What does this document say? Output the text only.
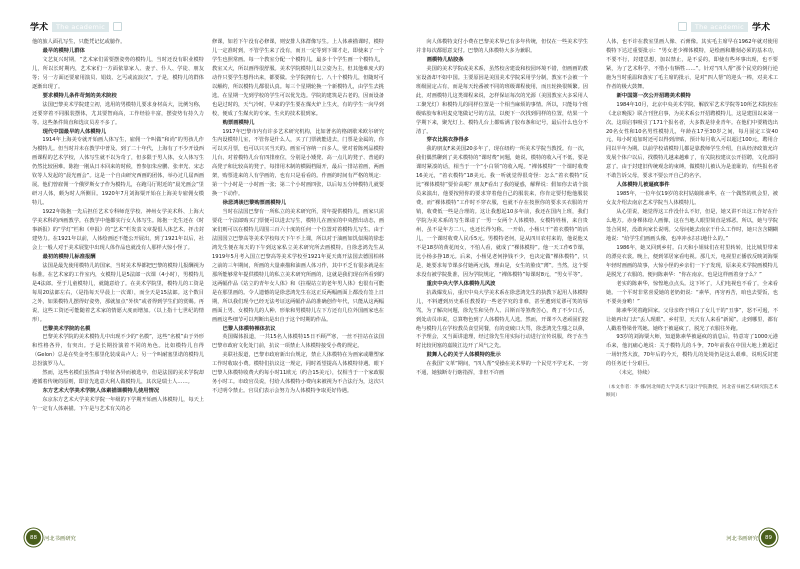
学术	The academic

他的旅人面孔写生，只能凭记忆或臆作。

最早的模特儿群体

文艺复兴时期，“艺术家们需要摆姿势的模特儿，当时还没有职业模特儿，所以长时期内，艺术家们一方面依靠家人、妻子、仆人、学徒、朋友等；另一方面还要雇用演员、娼妓、乞丐或流浪汉”。于是，模特儿的群体逐渐出现了。

要求模特儿条件苛刻的美术院校

法国巴黎美术学院建立初，选用的男模特儿要求身材高大，比例匀称，还要穿着不同服装摆体，尤其要智商高，工作经验丰富，摆姿势有持久力等。这些条件简直和选议员差不多了。

现代中国最早的人体模特儿

1914年上海美专就开始画人体写生，雇佣一个叫做“和尚”的男孩儿作为模特儿。但当时并未在教学中普及。到了二十年代，上海有了不少开设西画课程的艺术学校，人体写生就不以为奇了，但多限于男人体，女人体写生仍然比较困难。陈抱一刚从日本回来的时候，曾参加朱应鹏、张聿光、宋志钦等人发起的“晨光画会”。这是一个自由研究西画的团体，举办过几届西画展。他们曾雇佣一个俄罗斯女子作为模特儿，在跑马厅附近的“晨光画会”里研习人体，颇为时人所侧目。1920年7月刘海粟开始在上海美专雇佣女模特儿。

1922年陈抱一先后担任艺术专科师范学校、神州女学美术科、上海大学美术科的西画教学。在教学中他都实行女人体写生。陈抱一先生还在《时事新报》的“学灯”栏和《申报》的“艺术”栏发表文章提倡人体艺术，抨击封建势力。在1921年以前，人体绘画还不能公开展出，到了1921年以后，社会上一般人对于美术展览中出现人体作品也就没有人那样大惊小怪了。

最初的模特儿标准报酬

法国是最先使用模特儿的国家，当时美术界都把巴黎的模特儿报酬视为标准。在艺术家的工作室内，女模特儿是5法郎一次课（4小时），男模特儿是4法郎。至于儿童模特儿，就随意给了。在美术学院里，模特儿的工资是每周20法郎左右，（是指每天早晨上一次课），而全天是15法郎。这个数目之外，如果模特儿摆得好姿势，那就加点“外快”或者得到学生们的赏赐。再说，这些工资还可能随着艺术家的情愿大度而增加。（以上指十七世纪的情形）。

巴黎美术学院的名模

巴黎美术学院的美术模特儿中出现不少的“名模”，这些“名模”由于外形和性格各异，有突出。于是长期扮演着不同的角色。比如模特儿自得（Gelon）总是在奖金考生那里化装成高卢人；另一个叫耐塞里诺的模特儿总扮演罗马人。

然而，这些名模们虽然由于特征各异而被选中，但是法国的美术学院却遵循着传统的原则，即首先选意大利人做模特儿，其次是瑞士人……。

东方艺术大学美术学院人体素描课模特儿使用情况

东京东方艺术大学美术学院一年级的下学期开始画人体模特儿，每天上午一定有人体素描。下午是与艺术有关的必

修课，如若下午没有必修课，则安排人体群像写生。上人体素描课时，模特儿一定准时到，不管学生来了没有，而且一定等到下课才走，即使来了一个学生也照常画。每一个教室分配一个模特儿，最多十个学生画一个模特儿，教室又大，所以画得很舒服。美术学院模特儿以立姿为主，但其他难度大的动作只要学生想得出来，都要做。全学院拥有七、八十个模特儿，但随时可以解约，所以模特儿都很认真。每三个星期轮换一个新模特儿，由学生去挑选。在星期一先到学校的学生可以优先选。学院的建筑是古老的，因而设备也是过时的，天气冷时，早来的学生要在煤火炉上生火，有的学生一向早到校，便成了生煤火的专家，生火的技术很到家。

购票画模特儿

1917年巴黎市内有许多艺术研究机构，比如著名的格朗歇米欧尔研究生内设模特儿室，不管你是什么人，买了门票就能进去，门票是金属的，你可以买月票，也可以只买当天的。画室可容纳一百多人，壁对着陈列品模特儿台，对着模特儿台有四排座位，分别是小矮凳、高一点儿的凳子、普通的高凳子和比较高的凳子，每排用木制的横隔档隔开，最后一排站着画，两画架，购票进来的人有学画的，也有只是看看的。作画的时间有严格的规定：第一个小时是一小时画一张；第二个小时画四张，以后每五分钟模特儿就要换一下动作。

徐悲鸿谈巴黎购票画模特儿

当时在法国巴黎有一所私立的美术研究所，常年提供模特儿，画家只需要花一个法郎购买门票便可以进去写生，模特儿在画室的中央摆出动态，画家们则可以在模特儿周围三百六十度的任何一个位置对着模特儿写生。由于法国国立巴黎高等美术学校每天下午不上课，所以对于油画如饥似渴的徐悲鸿先生便在每天的下午到这家私立美术研究所去画模特。自徐悲鸿先生从1919年5月考入国立巴黎高等美术学校至1921年夏天离开法国去德国柏林之前的三年期间，所画的大量素描和油画人体习作，其中不乏有很多就是在那所能够常年提供模特儿的私立美术研究所画的，这就是我们现在所看到的这两幅作品《站立的青年女人体》和《拄棍站立的老年男人体》也很有可能是在那里画的。令人遗憾的是徐悲鸿先生在这正反两幅画面上都没有签上日期，所以我们现今已经无法考证这两幅作品的准确创作年代，只能从这两幅画面上男、女模特儿的人种、形象和男模特儿左下方还有几位外国画家也在画画这些细节可以判断出是出自于这个时期的作品。

巴黎人体模特裸体抗议

英国媒体报道，一共15名人体模特15日不顾严寒，一丝不挂站在法国巴黎市政府文化处门前，抗议一项禁止人体模特接受小费的规定。

美联社报道，巴黎市政府新出台规定，禁止人体模特在为画家或雕塑家工作时收取小费。模特们抗议这一规定，同时希望提高人体模特待遇。眼下巴黎人体模特收费大约每小时11欧元（约合15美元），仅相当于一个家政服务小时工。市政官员说，付给人体模特小费向来被视为不合法行为，这次只不过明令禁止。官员们表示会努力为人体模特争取更好待遇。

88	河北书画研究
学术
The academic
89
河北书画研究

向人体模特支付小费在巴黎美术界已有多年传统，但仅在一些美术学生并非每次都愿意支付。巴黎的人体模特大多为兼职。

画模特儿贴胶条

美国的美术学院或美术系，虽然校舍建设和校园环境不错，但画画的教室设备却不如中国。主要原因是美国美术学院采用学分制，教室不会被一个班级固定占有，而是每天轮番被不同的班级课程使用，而且轮换很频繁。因此，对画模特儿这类课程来说，怎样保证每次的光源（美国教室大多采用人工聚光灯）和模特儿的同样位置是一个相当麻烦的事情。所以，只能每个班级贴胶布和用麦克笔做记号的方法，以便下一次找到同样的位置，结果一个学期下来，聚光灯上、模特儿台上都贴满了胶布条和记号，最后什么也分不清了。

穿衣比脱衣挣得多

我的朋友F来美国20多年了，现在纽约一所美术学院当教授。有一次，我们偶然聊到了美术模特的“课时费”问题，她说，模特的收入可不低，要是课时紧凑的话，相当于一个“小白领”的收入呢。“裸体模特”一个课时收费16美元，“着衣模特”18美元。我一听就觉得很奇怪：怎么“着衣模特”反比“裸体模特”要价高呢？朋友F看出了我的疑惑，解释说：假如你去请个演员来演出，他要按照你的要求穿着他自己的服装来，你肯定要付他他服装费。而“裸体模特”工作时不穿衣服，也就不存在按照你的要求买衣服的开销，收费低一些是合理的。这让我想起10多年前，我还在国内上班，我们学院为美术系的写生课请了一男一女两个人体模特。女模特姓杨，来自贵州，虽不是年方二八，也还长得匀称。一开始，小杨只干“着衣模特”的活儿，一个课时收费人民币5元。男模特老何，是从四川农村来的，他说他又不是18岁的黄花闺女，不怕人看，就成了“裸体模特”。他一天工作6节课，比小杨多挣18元。后来，小杨见老何挣钱不少，也决定做“裸体模特”，只是，她要求每节课多付她两元钱，理由是，女生的脸皮“薄”。当然，这个要求没有被学院批准，因为学院规定，“裸体模特”每课时8元，“男女平等”。

重庆中央大学人体模特儿风波

抗战爆发后，重庆中央大学美术系在徐悲鸿先生的执教下起用人体模特儿，不料遭到历史系任教授的一些老学究的非难，甚至遭到荒谬可笑的辱骂。为了解决问题，徐先生和吴作人、吕斯百等煞费苦心，费了不少口舌，到处动员串说，总算物色到了人体模特儿人选。然而，开课不久老顽固们挖绝与模特儿在学校教员食堂同餐，有的竟破口大骂，徐悲鸿先生嗤之以鼻，不予理会，又当面讲道理，经过徐先生用实际行动进行宣传说服，终于在当时比较闭塞的嘉陵江边开了风气之先。

鼓舞人心的关于人体模特的批示

在我国“文革”期间，“四人帮”受操在美术界的一个民党不学无术、一窍不通，她独断专行瞎指挥，非但不许画

人体，也不许在教室里画人像、石膏像。其实毛主席早在1962年就对使用模特下达过重要批示：“男女老少裸体模特，是绘画和雕刻必须的基本功，不要不行，封建思想，加以禁止，是不妥的，即使有些坏事出现，也不要紧，为了艺术科学，不惜小有牺牲……”。针对“四人帮”那个民党的倒行逆施为当时重温和落实了毛主席的批示，是对“四人帮”的迎头一棒，对美术工作者的极大鼓舞。

新中国第一次公开招聘美术模特

1984年10月，北京中央美术学院、解放军艺术学院等10所艺术院校在《北京晚报》联合刊登启事，为美术系公开招聘模特儿，这是建国以来第一次。这项启事吸引了171个报名者，大多数是待业青年。在他们中要精选出20名女性和10名男性模特儿，年龄在17至30岁之间，每月固定工资40元，每小时追加时还可以得到津贴，预计每月收入可以超过100元，聘用合同以半年为期。以前学校请模特儿都是靠教师学生介绍，自从经济政策允许发展个体户以后，找模特儿越来越难了，有关院校建议公开招聘，文化部同意了。由于封建旧传统观念的束缚，做模特儿被认为是羞耻的，有些报名者不敢告诉父母，要求不要公开自己的名字。

人体模特儿被逼疯事件

1985年，一位年仅19岁的农村姑娘陈素华，在一个偶然的机会里，被女友介绍去南京艺术学院当人体模特儿。

从心里说，她觉得这工作没什么不好，但是，她又讲不出这工作好在什么地方。赤身裸体给人画像，这在当地人眼里简直是邪恶。所以，她与学院签合同时，没敢向家长说明。父母问她去南京干什么工作时，她只含含糊糊地说：“给学生们画画头像，也冲冲水扫扫地什么的。”

1986年，她又回到乡村。白天和小姐妹们在村里转转，比比城里带来的漂亮衣裳。晚上，便到邻居家看电视。那几天，电视里正播放反映刘海粟年轻时画画的故事，大惊小怪的乡亲们一下子发现，原来美术学院画模特儿是脱光了衣服的。便问陈素华：“你在南京，也是这样画着身子么？”

老实的陈素华，惊惶地点点头。这下坏了，人们电视也不看了，全来看她。一个平时非常喜爱她的老奶奶说：“素华，再穷再苦，咱也去要饭，也不要卖身哟！”

陈素华哭着跑回家。父母亲终于明白了女儿干的“丑事”，怒不可遏，不让她再出门去“丢人现眼”。乡村里，天天有人来看“新闻”。走到哪里，都有人戳着脊梁骨骂她。她终于被逼疯了，脱光了衣服往外跑。

93岁的刘海粟大师，知道陈素华被逼疯的消息后，特意寄了1000元港币来，他沉痛心地说：关于模特儿的斗争，70年前我在中国大地上掀起过一场轩然大波，70年后的今天，模特儿的处境仍是这么艰难，说明反封建的任务还十分艰巨。

（未完，待续）

（本文作者：李 娜/河北师范大学美术与设计学院教授，河北省书画艺术研究院艺术顾问）
